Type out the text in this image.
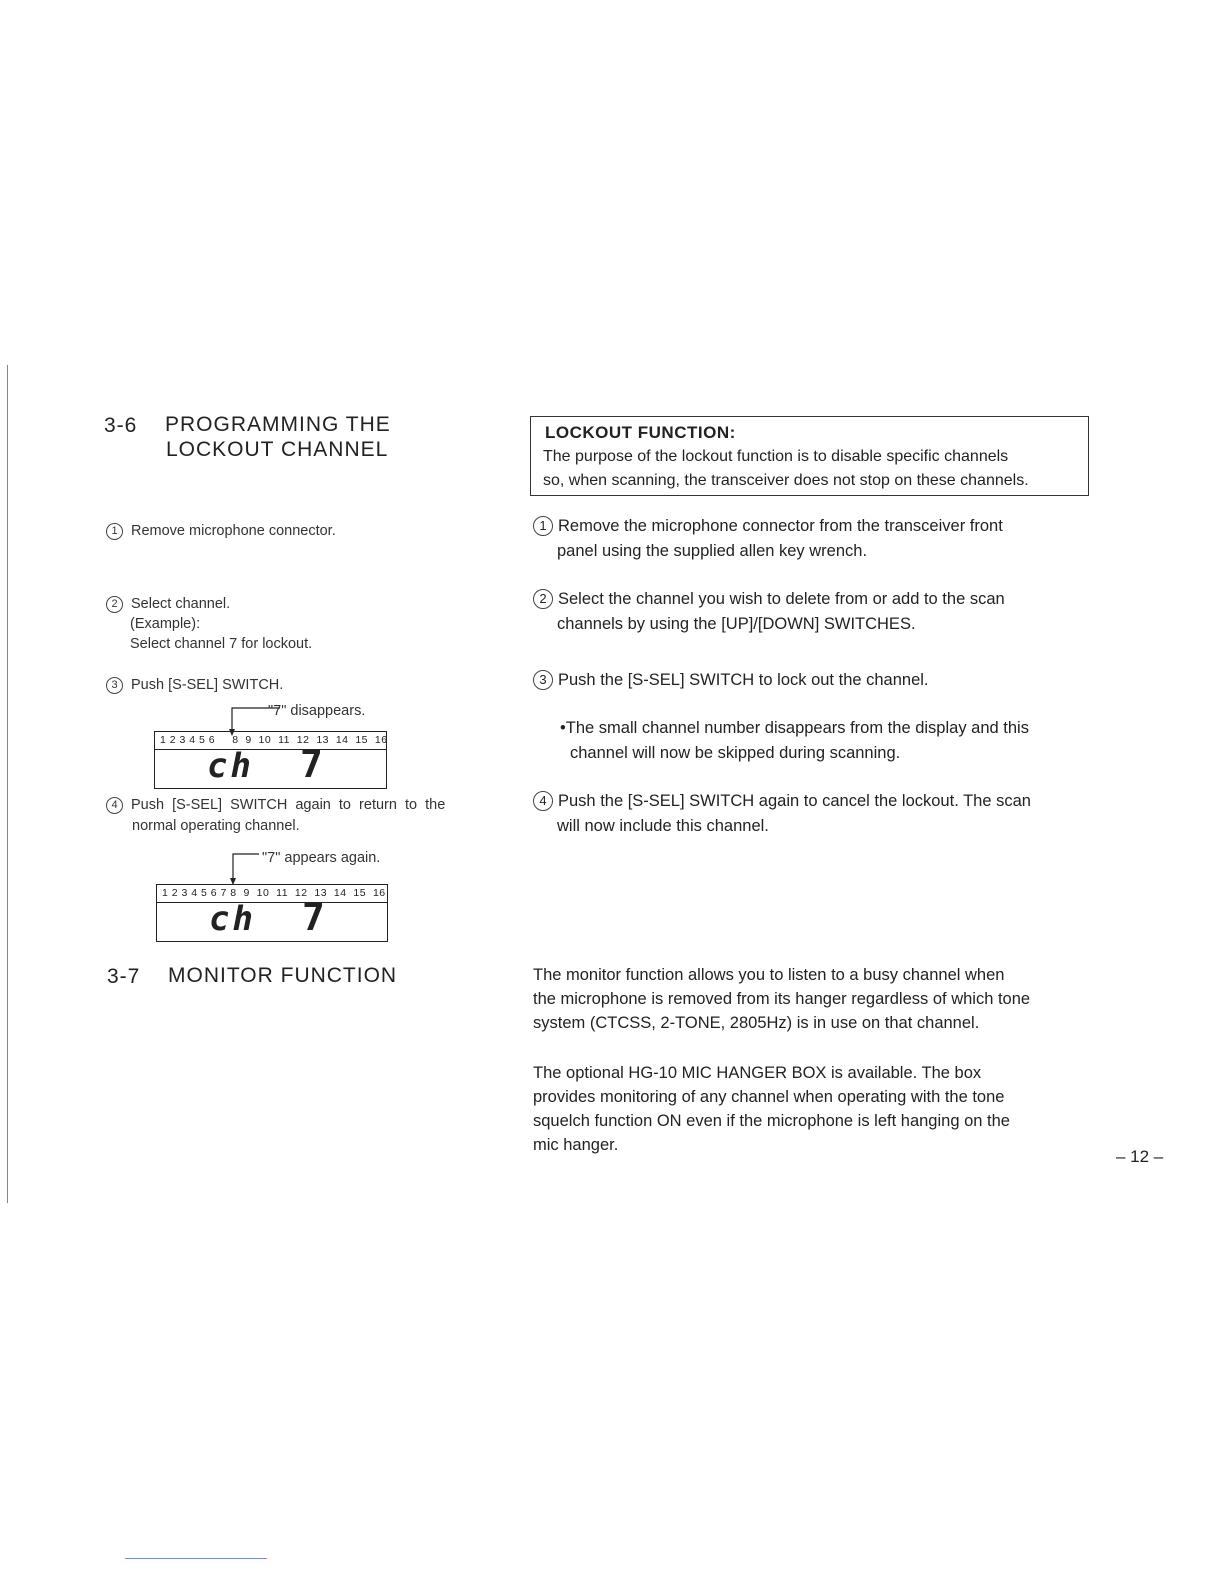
3-6 PROGRAMMING THE
LOCKOUT CHANNEL
LOCKOUT FUNCTION:
The purpose of the lockout function is to disable specific channels
so, when scanning, the transceiver does not stop on these channels.
1 Remove microphone connector.
2 Select channel.
(Example):
Select channel 7 for lockout.
3 Push [S-SEL] SWITCH.
"7" disappears.
1 2 3 4 5 6     8  9  10  11  12  13  14  15  16
ch 7
4 Push  [S-SEL]  SWITCH  again  to  return  to  the
normal operating channel.
"7" appears again.
1 2 3 4 5 6 7 8  9  10  11  12  13  14  15  16
ch 7
1 Remove the microphone connector from the transceiver front
panel using the supplied allen key wrench.
2 Select the channel you wish to delete from or add to the scan
channels by using the [UP]/[DOWN] SWITCHES.
3 Push the [S-SEL] SWITCH to lock out the channel.
•The small channel number disappears from the display and this
channel will now be skipped during scanning.
4 Push the [S-SEL] SWITCH again to cancel the lockout. The scan
will now include this channel.
3-7 MONITOR FUNCTION	The monitor function allows you to listen to a busy channel when
the microphone is removed from its hanger regardless of which tone
system (CTCSS, 2-TONE, 2805Hz) is in use on that channel.
The optional HG-10 MIC HANGER BOX is available. The box
provides monitoring of any channel when operating with the tone
squelch function ON even if the microphone is left hanging on the
mic hanger.
– 12 –
